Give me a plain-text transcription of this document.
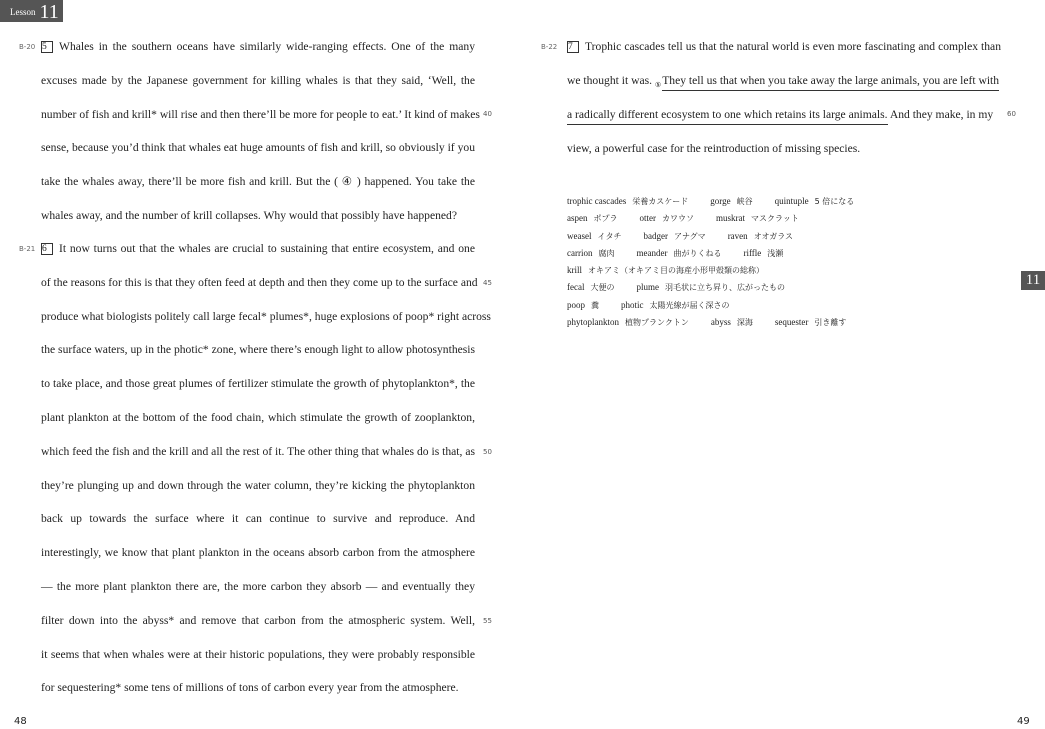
Lesson 11
B-20 5 Whales in the southern oceans have similarly wide-ranging effects. One of the many
excuses made by the Japanese government for killing whales is that they said, ‘Well, the
number of fish and krill* will rise and then there’ll be more for people to eat.’ It kind of makes
sense, because you’d think that whales eat huge amounts of fish and krill, so obviously if you
take the whales away, there’ll be more fish and krill. But the ( ④ ) happened. You take the
whales away, and the number of krill collapses. Why would that possibly have happened?
B-21 6 It now turns out that the whales are crucial to sustaining that entire ecosystem, and one
of the reasons for this is that they often feed at depth and then they come up to the surface and
produce what biologists politely call large fecal* plumes*, huge explosions of poop* right across
the surface waters, up in the photic* zone, where there’s enough light to allow photosynthesis
to take place, and those great plumes of fertilizer stimulate the growth of phytoplankton*, the
plant plankton at the bottom of the food chain, which stimulate the growth of zooplankton,
which feed the fish and the krill and all the rest of it. The other thing that whales do is that, as
they’re plunging up and down through the water column, they’re kicking the phytoplankton
back up towards the surface where it can continue to survive and reproduce. And
interestingly, we know that plant plankton in the oceans absorb carbon from the atmosphere
— the more plant plankton there are, the more carbon they absorb — and eventually they
filter down into the abyss* and remove that carbon from the atmospheric system. Well,
it seems that when whales were at their historic populations, they were probably responsible
for sequestering* some tens of millions of tons of carbon every year from the atmosphere.
40
45
50
55
48
B-22 7 Trophic cascades tell us that the natural world is even more fascinating and complex than
we thought it was. $_⑤$They tell us that when you take away the large animals, you are left with
a radically different ecosystem to one which retains its large animals. And they make, in my
view, a powerful case for the reintroduction of missing species.
60
trophic cascades 栄養カスケード gorge 峡谷 quintuple 5 倍になる
aspen ポプラ otter カワウソ muskrat マスクラット
weasel イタチ badger アナグマ raven オオガラス
carrion 腐肉 meander 曲がりくねる riffle 浅瀬
krill オキアミ（オキアミ目の海産小形甲殻類の総称）
fecal 大便の plume 羽毛状に立ち昇り、広がったもの
poop 糞 photic 太陽光線が届く深さの
phytoplankton 植物プランクトン abyss 深海 sequester 引き離す
11
49
